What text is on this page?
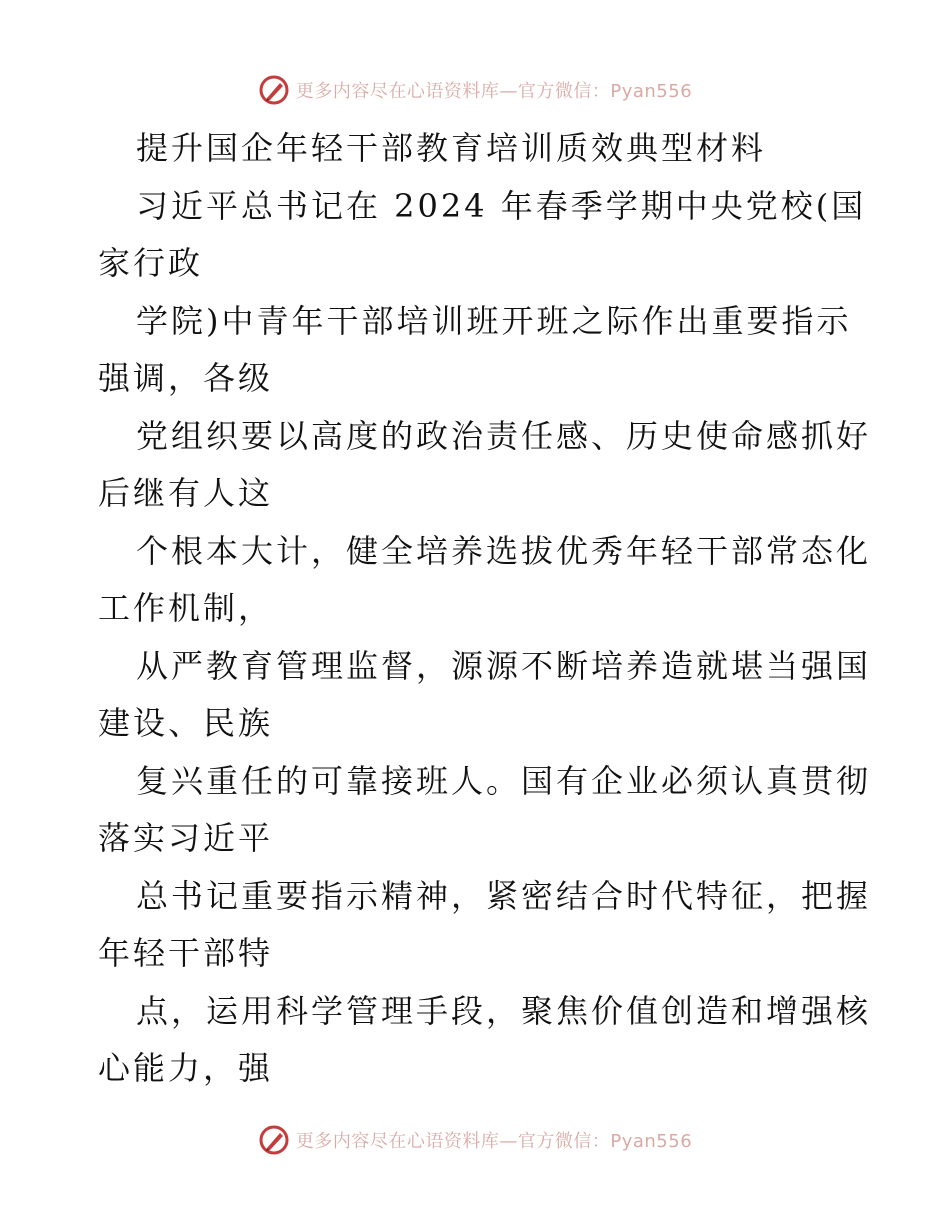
更多内容尽在心语资料库—官方微信：Pyan556
提升国企年轻干部教育培训质效典型材料
习近平总书记在 2024 年春季学期中央党校(国
家行政
学院)中青年干部培训班开班之际作出重要指示
强调，各级
党组织要以高度的政治责任感、历史使命感抓好
后继有人这
个根本大计，健全培养选拔优秀年轻干部常态化
工作机制，
从严教育管理监督，源源不断培养造就堪当强国
建设、民族
复兴重任的可靠接班人。国有企业必须认真贯彻
落实习近平
总书记重要指示精神，紧密结合时代特征，把握
年轻干部特
点，运用科学管理手段，聚焦价值创造和增强核
心能力，强
更多内容尽在心语资料库—官方微信：Pyan556
